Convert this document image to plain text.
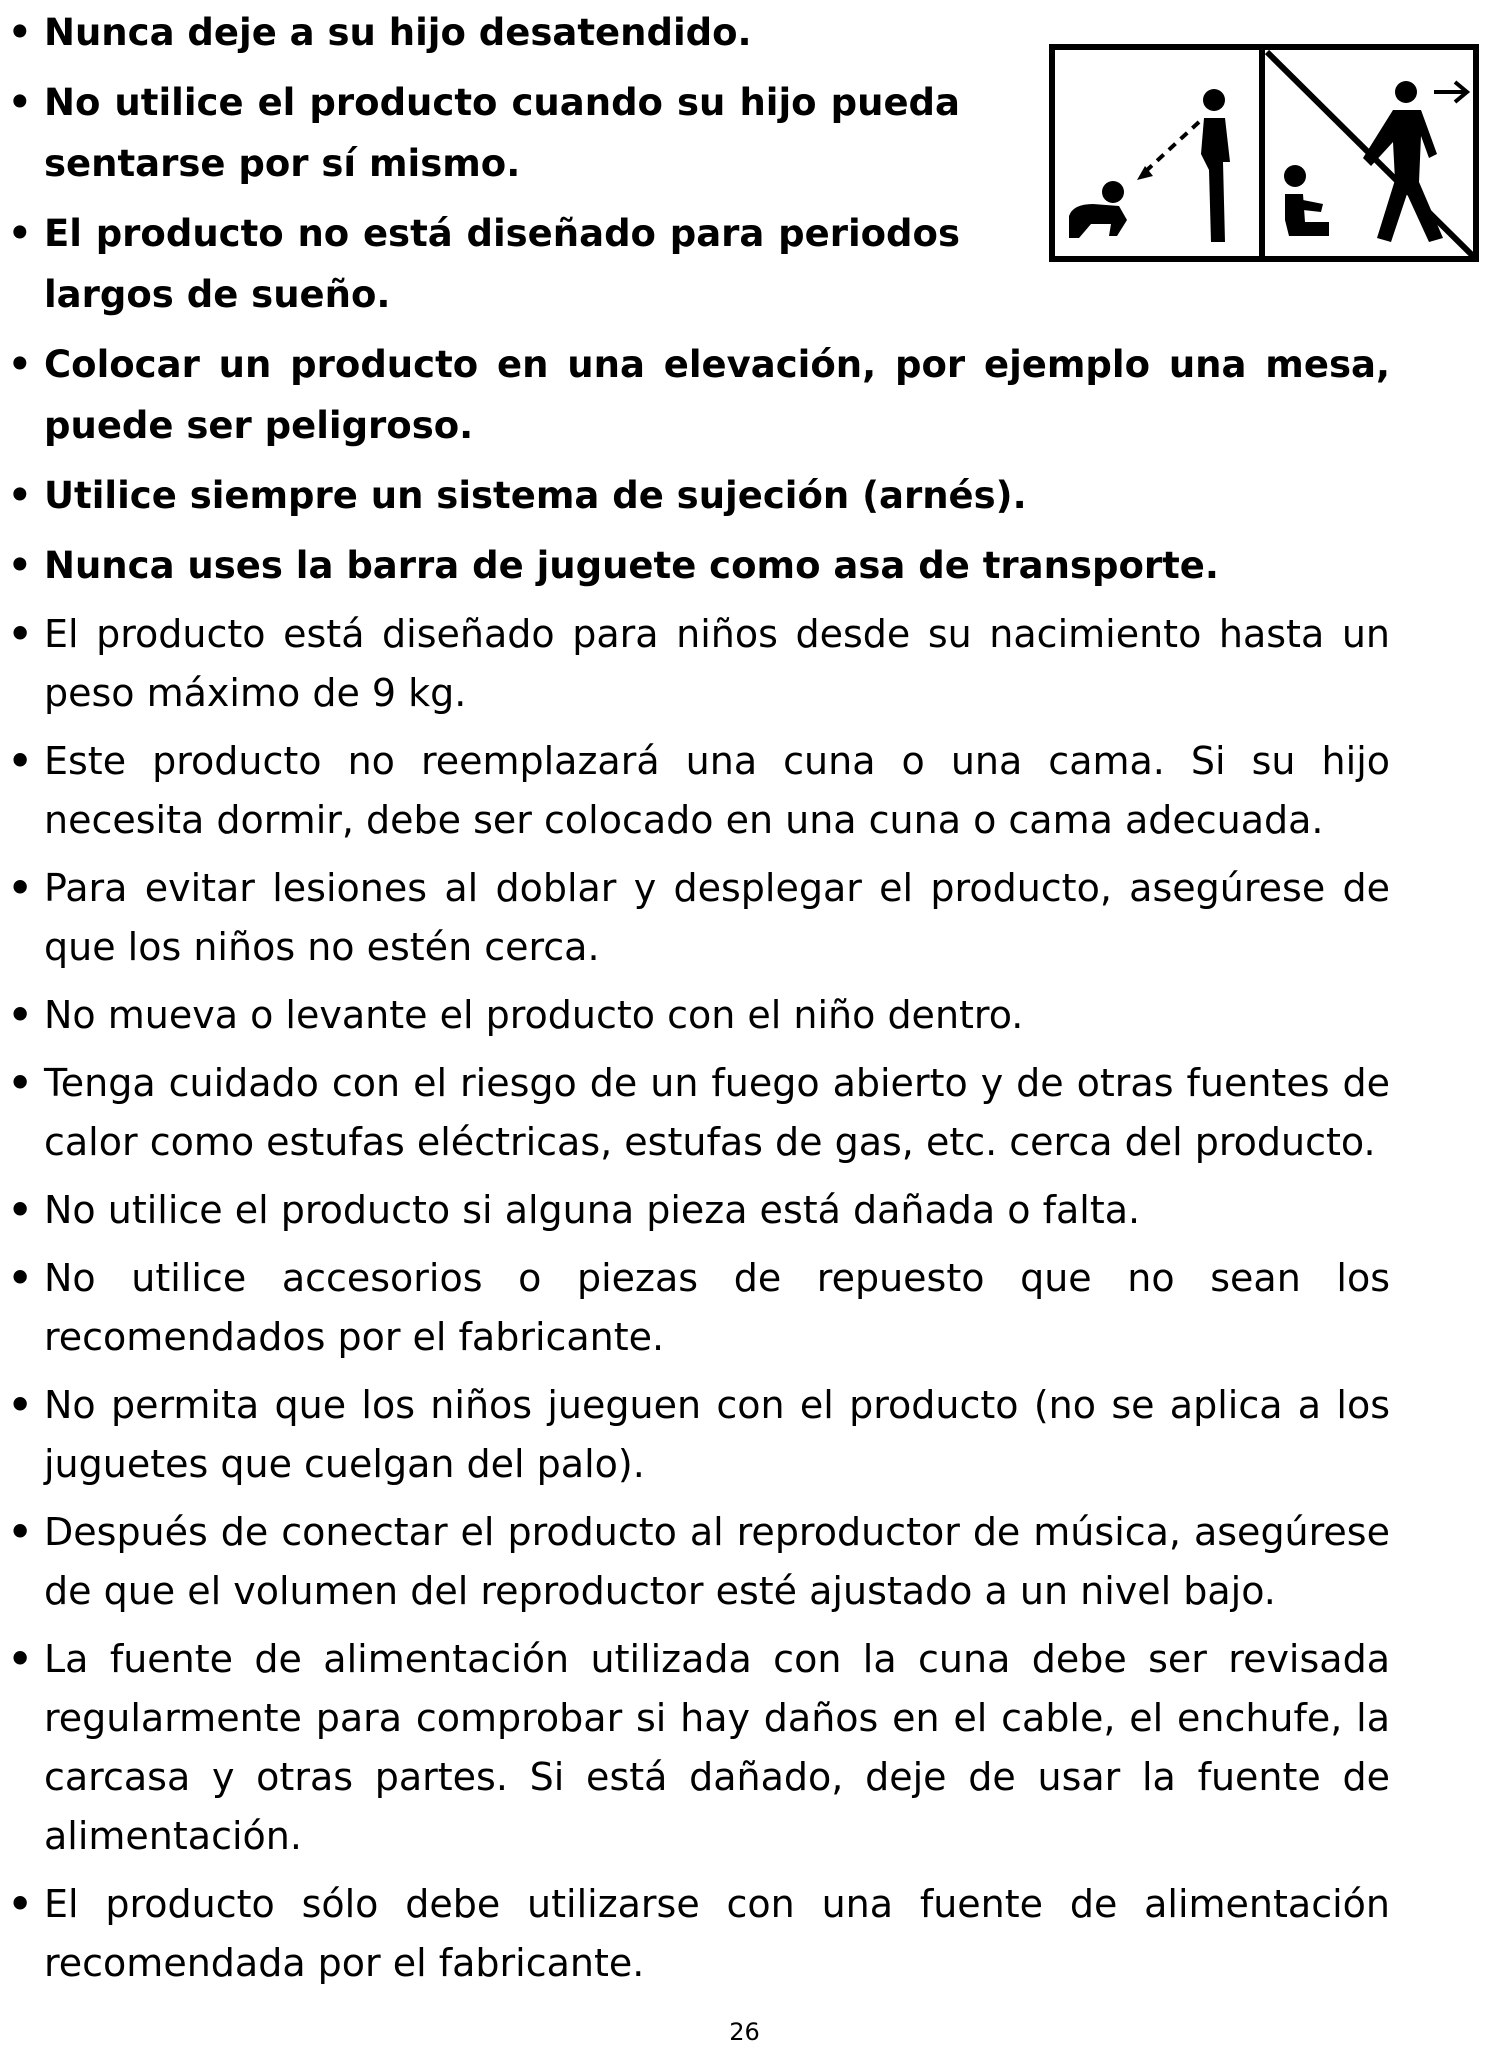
• Nunca deje a su hijo desatendido.
• No utilice el producto cuando su hijo pueda sentarse por sí mismo.
• El producto no está diseñado para periodos largos de sueño.
• Colocar un producto en una elevación, por ejemplo una mesa, puede ser peligroso.
• Utilice siempre un sistema de sujeción (arnés).
• Nunca uses la barra de juguete como asa de transporte.
• El producto está diseñado para niños desde su nacimiento hasta un peso máximo de 9 kg.
• Este producto no reemplazará una cuna o una cama. Si su hijo necesita dormir, debe ser colocado en una cuna o cama adecuada.
• Para evitar lesiones al doblar y desplegar el producto, asegúrese de que los niños no estén cerca.
• No mueva o levante el producto con el niño dentro.
• Tenga cuidado con el riesgo de un fuego abierto y de otras fuentes de calor como estufas eléctricas, estufas de gas, etc. cerca del producto.
• No utilice el producto si alguna pieza está dañada o falta.
• No utilice accesorios o piezas de repuesto que no sean los recomendados por el fabricante.
• No permita que los niños jueguen con el producto (no se aplica a los juguetes que cuelgan del palo).
• Después de conectar el producto al reproductor de música, asegúrese de que el volumen del reproductor esté ajustado a un nivel bajo.
• La fuente de alimentación utilizada con la cuna debe ser revisada regularmente para comprobar si hay daños en el cable, el enchufe, la carcasa y otras partes. Si está dañado, deje de usar la fuente de alimentación.
• El producto sólo debe utilizarse con una fuente de alimentación recomendada por el fabricante.
26
